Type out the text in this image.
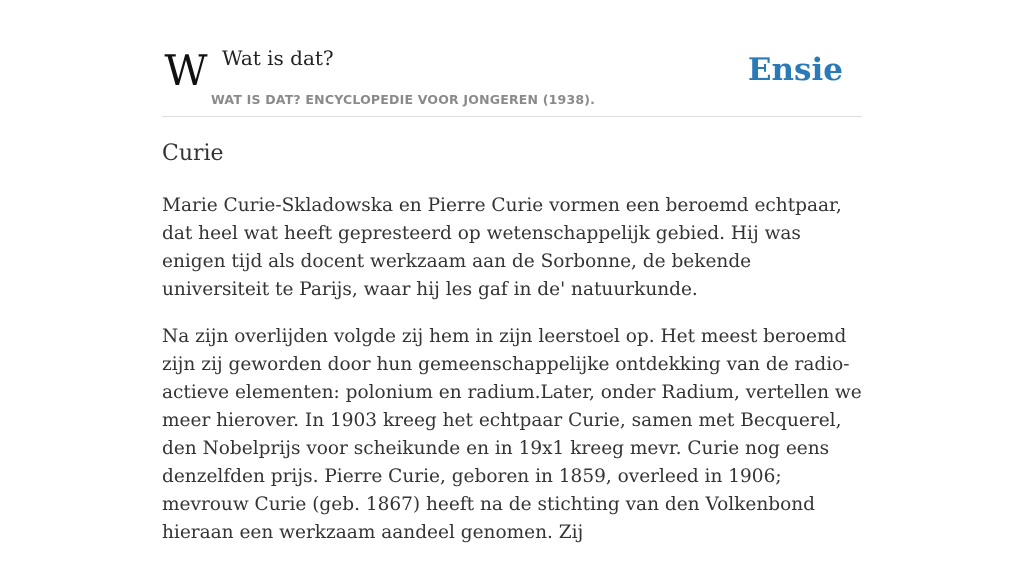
W Wat is dat?
WAT IS DAT? ENCYCLOPEDIE VOOR JONGEREN (1938).
Ensie
Curie

Marie Curie-Skladowska en Pierre Curie vormen een beroemd echtpaar, dat heel wat heeft gepresteerd op wetenschappelijk gebied. Hij was enigen tijd als docent werkzaam aan de Sorbonne, de bekende universiteit te Parijs, waar hij les gaf in de' natuurkunde.

Na zijn overlijden volgde zij hem in zijn leerstoel op. Het meest beroemd zijn zij geworden door hun gemeenschappelijke ontdekking van de radio-actieve elementen: polonium en radium.Later, onder Radium, vertellen we meer hierover. In 1903 kreeg het echtpaar Curie, samen met Becquerel, den Nobelprijs voor scheikunde en in 19x1 kreeg mevr. Curie nog eens denzelfden prijs. Pierre Curie, geboren in 1859, overleed in 1906; mevrouw Curie (geb. 1867) heeft na de stichting van den Volkenbond hieraan een werkzaam aandeel genomen. Zij
